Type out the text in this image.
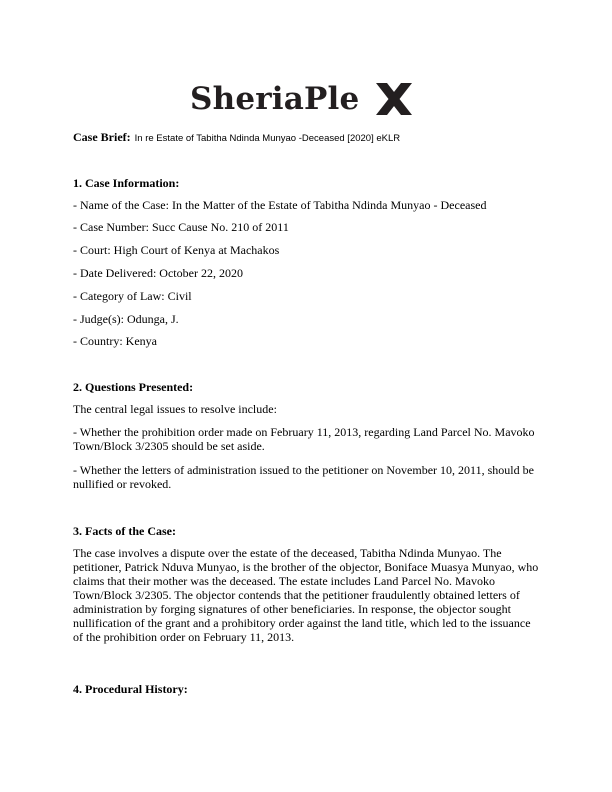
SheriaPle
Case Brief: In re Estate of Tabitha Ndinda Munyao -Deceased [2020] eKLR
1. Case Information:
- Name of the Case: In the Matter of the Estate of Tabitha Ndinda Munyao - Deceased
- Case Number: Succ Cause No. 210 of 2011
- Court: High Court of Kenya at Machakos
- Date Delivered: October 22, 2020
- Category of Law: Civil
- Judge(s): Odunga, J.
- Country: Kenya
2. Questions Presented:
The central legal issues to resolve include:
- Whether the prohibition order made on February 11, 2013, regarding Land Parcel No. Mavoko Town/Block 3/2305 should be set aside.
- Whether the letters of administration issued to the petitioner on November 10, 2011, should be nullified or revoked.
3. Facts of the Case:
The case involves a dispute over the estate of the deceased, Tabitha Ndinda Munyao. The petitioner, Patrick Nduva Munyao, is the brother of the objector, Boniface Muasya Munyao, who claims that their mother was the deceased. The estate includes Land Parcel No. Mavoko Town/Block 3/2305. The objector contends that the petitioner fraudulently obtained letters of administration by forging signatures of other beneficiaries. In response, the objector sought nullification of the grant and a prohibitory order against the land title, which led to the issuance of the prohibition order on February 11, 2013.
4. Procedural History:
